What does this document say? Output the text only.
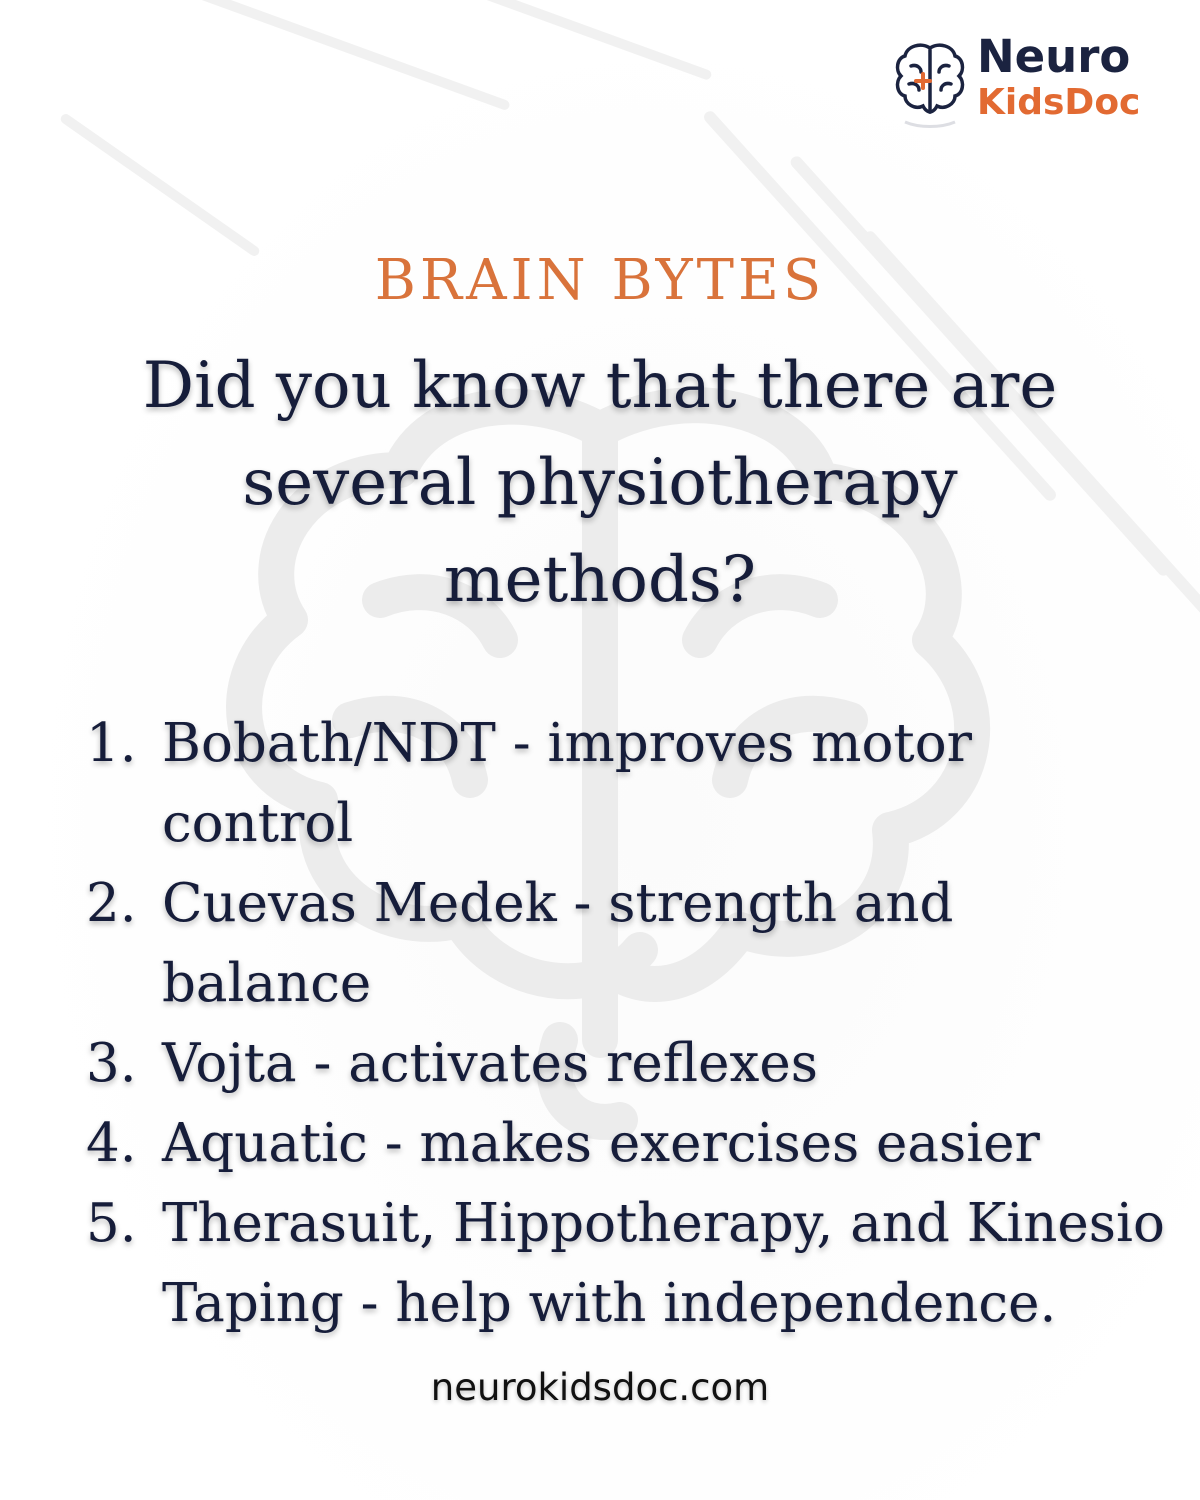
Neuro
KidsDoc
BRAIN BYTES
Did you know that there are several physiotherapy methods?
1. Bobath/NDT - improves motor control
2. Cuevas Medek - strength and balance
3. Vojta - activates reflexes
4. Aquatic - makes exercises easier
5. Therasuit, Hippotherapy, and Kinesio Taping - help with independence.
neurokidsdoc.com
